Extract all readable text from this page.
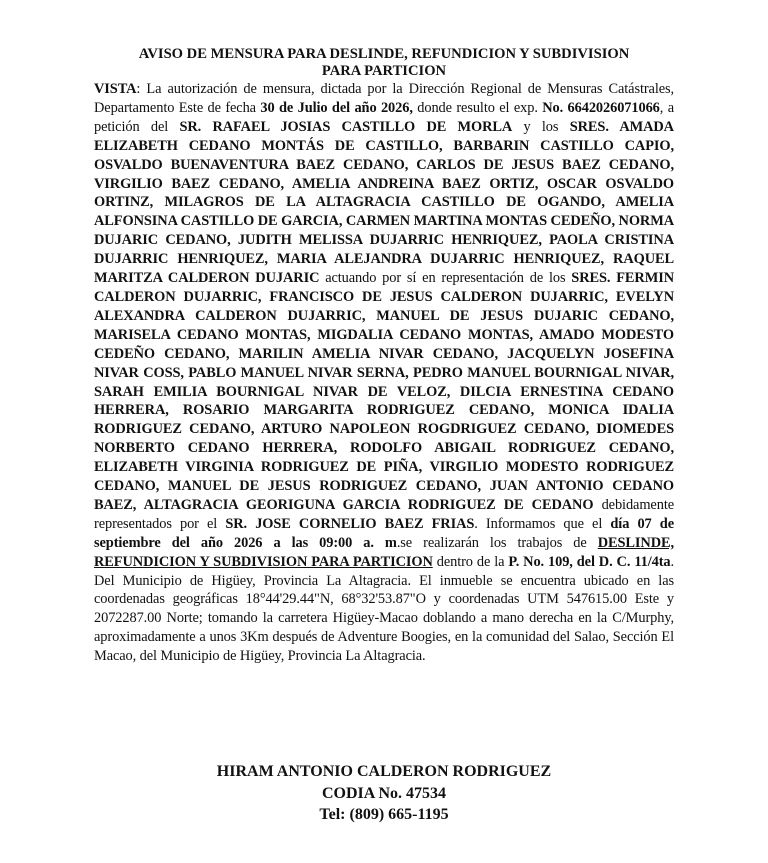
AVISO DE MENSURA PARA DESLINDE, REFUNDICION Y SUBDIVISION
PARA PARTICION

VISTA: La autorización de mensura, dictada por la Dirección Regional de Mensuras Catástrales, Departamento Este de fecha 30 de Julio del año 2026, donde resulto el exp. No. 6642026071066, a petición del SR. RAFAEL JOSIAS CASTILLO DE MORLA y los SRES. AMADA ELIZABETH CEDANO MONTÁS DE CASTILLO, BARBARIN CASTILLO CAPIO, OSVALDO BUENAVENTURA BAEZ CEDANO, CARLOS DE JESUS BAEZ CEDANO, VIRGILIO BAEZ CEDANO, AMELIA ANDREINA BAEZ ORTIZ, OSCAR OSVALDO ORTINZ, MILAGROS DE LA ALTAGRACIA CASTILLO DE OGANDO, AMELIA ALFONSINA CASTILLO DE GARCIA, CARMEN MARTINA MONTAS CEDEÑO, NORMA DUJARIC CEDANO, JUDITH MELISSA DUJARRIC HENRIQUEZ, PAOLA CRISTINA DUJARRIC HENRIQUEZ, MARIA ALEJANDRA DUJARRIC HENRIQUEZ, RAQUEL MARITZA CALDERON DUJARIC actuando por sí en representación de los SRES. FERMIN CALDERON DUJARRIC, FRANCISCO DE JESUS CALDERON DUJARRIC, EVELYN ALEXANDRA CALDERON DUJARRIC, MANUEL DE JESUS DUJARIC CEDANO, MARISELA CEDANO MONTAS, MIGDALIA CEDANO MONTAS, AMADO MODESTO CEDEÑO CEDANO, MARILIN AMELIA NIVAR CEDANO, JACQUELYN JOSEFINA NIVAR COSS, PABLO MANUEL NIVAR SERNA, PEDRO MANUEL BOURNIGAL NIVAR, SARAH EMILIA BOURNIGAL NIVAR DE VELOZ, DILCIA ERNESTINA CEDANO HERRERA, ROSARIO MARGARITA RODRIGUEZ CEDANO, MONICA IDALIA RODRIGUEZ CEDANO, ARTURO NAPOLEON ROGDRIGUEZ CEDANO, DIOMEDES NORBERTO CEDANO HERRERA, RODOLFO ABIGAIL RODRIGUEZ CEDANO, ELIZABETH VIRGINIA RODRIGUEZ DE PIÑA, VIRGILIO MODESTO RODRIGUEZ CEDANO, MANUEL DE JESUS RODRIGUEZ CEDANO, JUAN ANTONIO CEDANO BAEZ, ALTAGRACIA GEORIGUNA GARCIA RODRIGUEZ DE CEDANO debidamente representados por el SR. JOSE CORNELIO BAEZ FRIAS. Informamos que el día 07 de septiembre del año 2026 a las 09:00 a. m.se realizarán los trabajos de DESLINDE, REFUNDICION Y SUBDIVISION PARA PARTICION dentro de la P. No. 109, del D. C. 11/4ta. Del Municipio de Higüey, Provincia La Altagracia. El inmueble se encuentra ubicado en las coordenadas geográficas 18°44'29.44"N, 68°32'53.87"O y coordenadas UTM 547615.00 Este y 2072287.00 Norte; tomando la carretera Higüey-Macao doblando a mano derecha en la C/Murphy, aproximadamente a unos 3Km después de Adventure Boogies, en la comunidad del Salao, Sección El Macao, del Municipio de Higüey, Provincia La Altagracia.

HIRAM ANTONIO CALDERON RODRIGUEZ
CODIA No. 47534
Tel: (809) 665-1195
